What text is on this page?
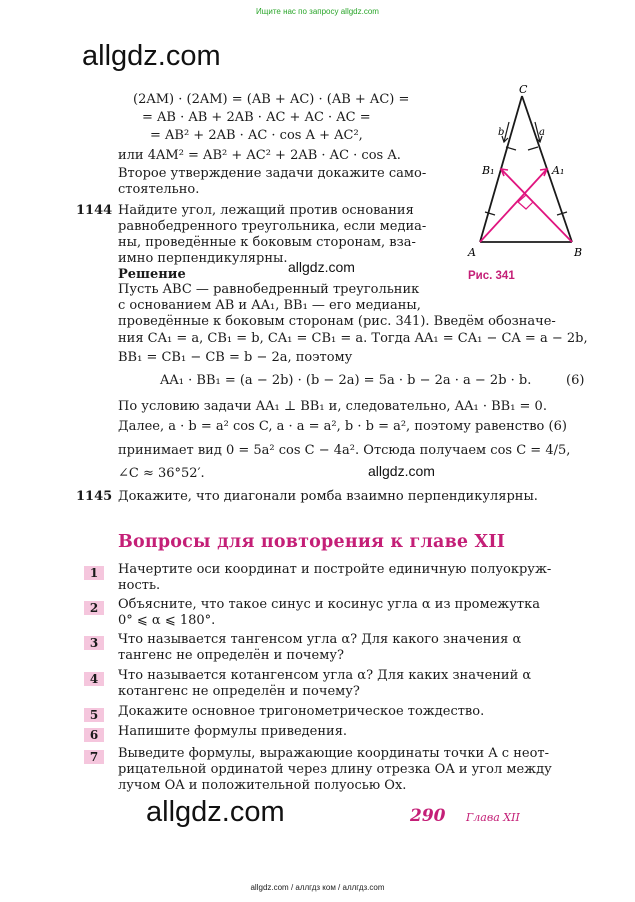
Ищите нас по запросу allgdz.com
allgdz.com
(2AM) · (2AM) = (AB + AC) · (AB + AC) =
= AB · AB + 2AB · AC + AC · AC =
= AB² + 2AB · AC · cos A + AC²,
или 4AM² = AB² + AC² + 2AB · AC · cos A.
Второе утверждение задачи докажите само-
стоятельно.
1144 Найдите угол, лежащий против основания
равнобедренного треугольника, если медиа-
ны, проведённые к боковым сторонам, вза-
имно перпендикулярны.
allgdz.com
Решение
Пусть ABC — равнобедренный треугольник
с основанием AB и AA₁, BB₁ — его медианы,
проведённые к боковым сторонам (рис. 341). Введём обозначе-
ния CA₁ = a, CB₁ = b, CA₁ = CB₁ = a. Тогда AA₁ = CA₁ − CA = a − 2b,
BB₁ = CB₁ − CB = b − 2a, поэтому
AA₁ · BB₁ = (a − 2b) · (b − 2a) = 5a · b − 2a · a − 2b · b.	(6)
По условию задачи AA₁ ⊥ BB₁ и, следовательно, AA₁ · BB₁ = 0.
Далее, a · b = a² cos C, a · a = a², b · b = a², поэтому равенство (6)
принимает вид 0 = 5a² cos C − 4a². Отсюда получаем cos C = 4/5,
allgdz.com
∠C ≈ 36°52′.
1145 Докажите, что диагонали ромба взаимно перпендикулярны.
C
A	B
B₁	A₁
b	a
Рис. 341
Вопросы для повторения к главе XII
1 Начертите оси координат и постройте единичную полуокруж-
ность.
2 Объясните, что такое синус и косинус угла α из промежутка
0° ⩽ α ⩽ 180°.
3 Что называется тангенсом угла α? Для какого значения α
тангенс не определён и почему?
4 Что называется котангенсом угла α? Для каких значений α
котангенс не определён и почему?
5 Докажите основное тригонометрическое тождество.
6 Напишите формулы приведения.
7 Выведите формулы, выражающие координаты точки A с неот-
рицательной ординатой через длину отрезка OA и угол между
лучом OA и положительной полуосью Ox.
allgdz.com	290 Глава XII
allgdz.com / аллгдз ком / аллгдз.com
